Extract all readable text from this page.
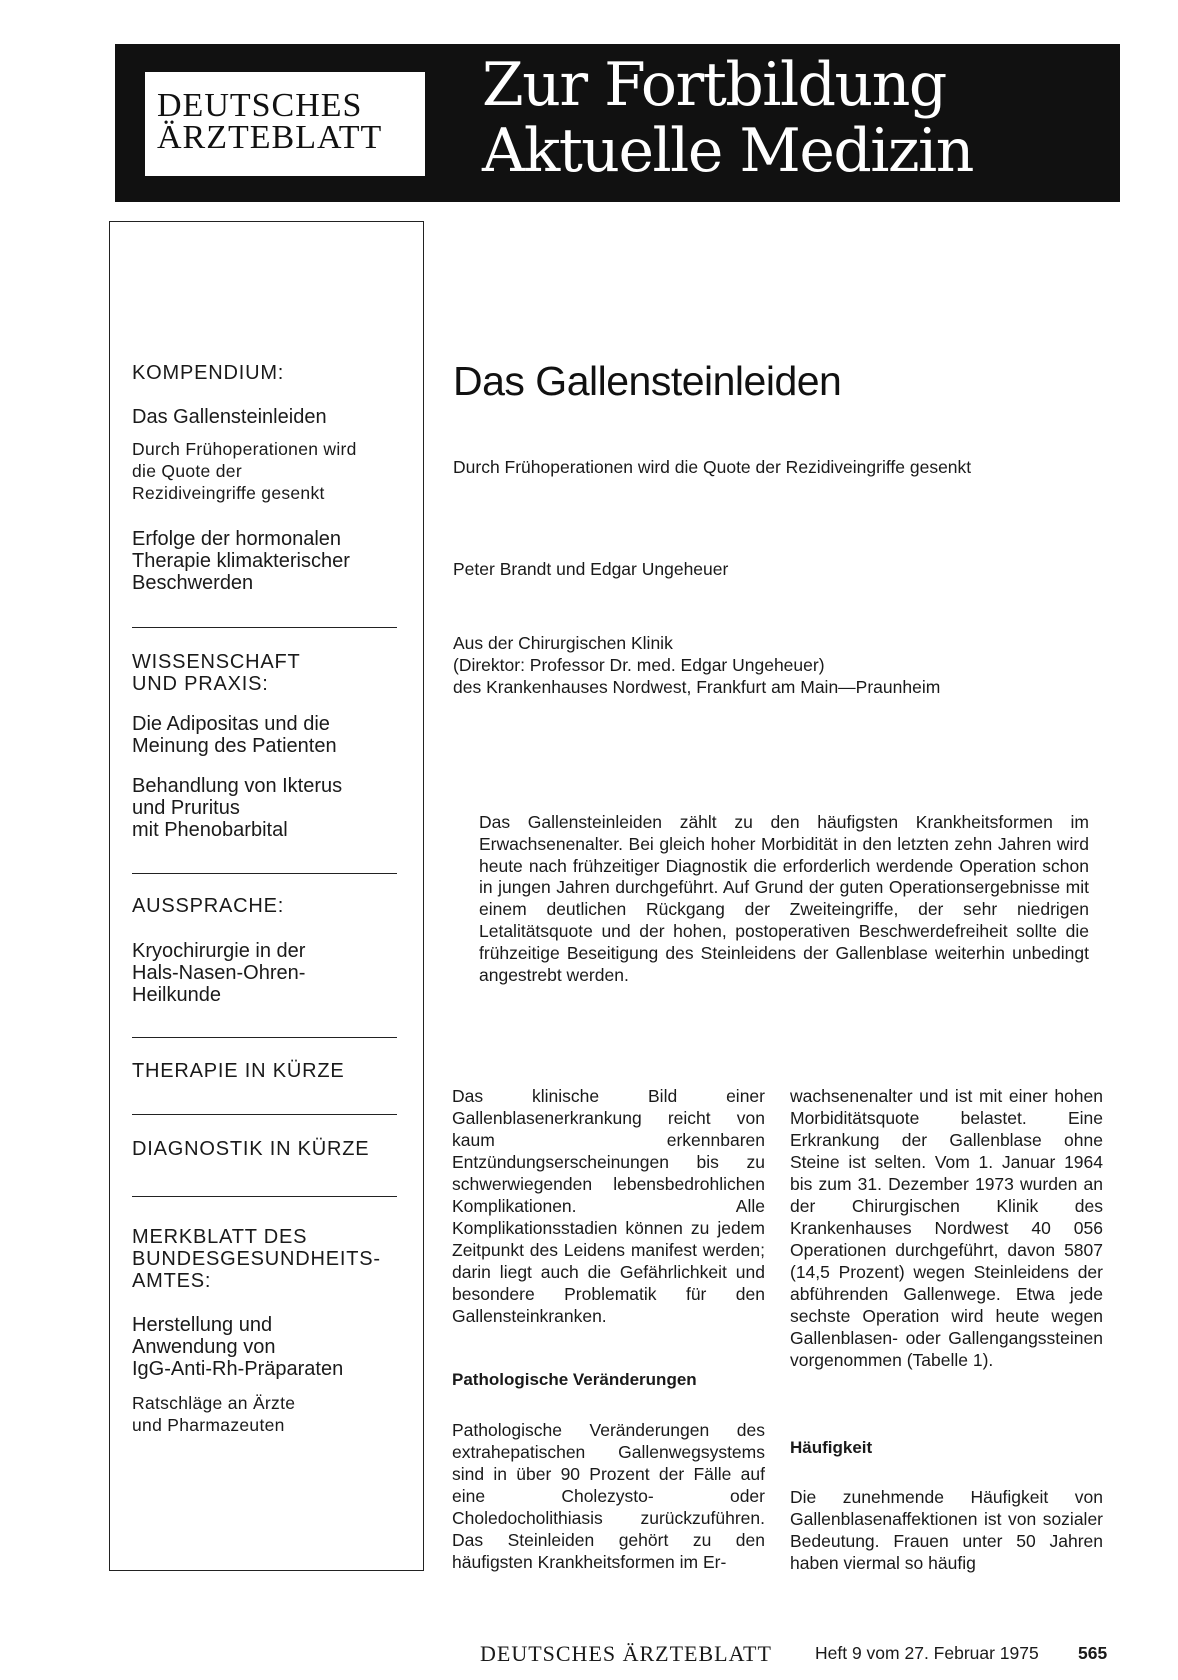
DEUTSCHES
ÄRZTEBLATT
Zur Fortbildung
Aktuelle Medizin
KOMPENDIUM:
Das Gallensteinleiden
Durch Frühoperationen wird
die Quote der
Rezidiveingriffe gesenkt
Erfolge der hormonalen
Therapie klimakterischer
Beschwerden
WISSENSCHAFT
UND PRAXIS:
Die Adipositas und die
Meinung des Patienten
Behandlung von Ikterus
und Pruritus
mit Phenobarbital
AUSSPRACHE:
Kryochirurgie in der
Hals-Nasen-Ohren-
Heilkunde
THERAPIE IN KÜRZE
DIAGNOSTIK IN KÜRZE
MERKBLATT DES
BUNDESGESUNDHEITS-
AMTES:
Herstellung und
Anwendung von
IgG-Anti-Rh-Präparaten
Ratschläge an Ärzte
und Pharmazeuten
Das Gallensteinleiden
Durch Frühoperationen wird die Quote der Rezidiveingriffe gesenkt
Peter Brandt und Edgar Ungeheuer
Aus der Chirurgischen Klinik
(Direktor: Professor Dr. med. Edgar Ungeheuer)
des Krankenhauses Nordwest, Frankfurt am Main—Praunheim
Das Gallensteinleiden zählt zu den häufigsten Krankheitsformen im Erwachsenenalter. Bei gleich hoher Morbidität in den letzten zehn Jahren wird heute nach frühzeitiger Diagnostik die erforderlich werdende Operation schon in jungen Jahren durchgeführt. Auf Grund der guten Operationsergebnisse mit einem deutlichen Rückgang der Zweiteingriffe, der sehr niedrigen Letalitätsquote und der hohen, postoperativen Beschwerdefreiheit sollte die frühzeitige Beseitigung des Steinleidens der Gallenblase weiterhin unbedingt angestrebt werden.
Das klinische Bild einer Gallenblasenerkrankung reicht von kaum erkennbaren Entzündungserscheinungen bis zu schwerwiegenden lebensbedrohlichen Komplikationen. Alle Komplikationsstadien können zu jedem Zeitpunkt des Leidens manifest werden; darin liegt auch die Gefährlichkeit und besondere Problematik für den Gallensteinkranken.
Pathologische Veränderungen
Pathologische Veränderungen des extrahepatischen Gallenwegsystems sind in über 90 Prozent der Fälle auf eine Cholezysto- oder Choledocholithiasis zurückzuführen. Das Steinleiden gehört zu den häufigsten Krankheitsformen im Er-
wachsenenalter und ist mit einer hohen Morbiditätsquote belastet. Eine Erkrankung der Gallenblase ohne Steine ist selten. Vom 1. Januar 1964 bis zum 31. Dezember 1973 wurden an der Chirurgischen Klinik des Krankenhauses Nordwest 40 056 Operationen durchgeführt, davon 5807 (14,5 Prozent) wegen Steinleidens der abführenden Gallenwege. Etwa jede sechste Operation wird heute wegen Gallenblasen- oder Gallengangssteinen vorgenommen (Tabelle 1).
Häufigkeit
Die zunehmende Häufigkeit von Gallenblasenaffektionen ist von sozialer Bedeutung. Frauen unter 50 Jahren haben viermal so häufig
DEUTSCHES ÄRZTEBLATT Heft 9 vom 27. Februar 1975 565
